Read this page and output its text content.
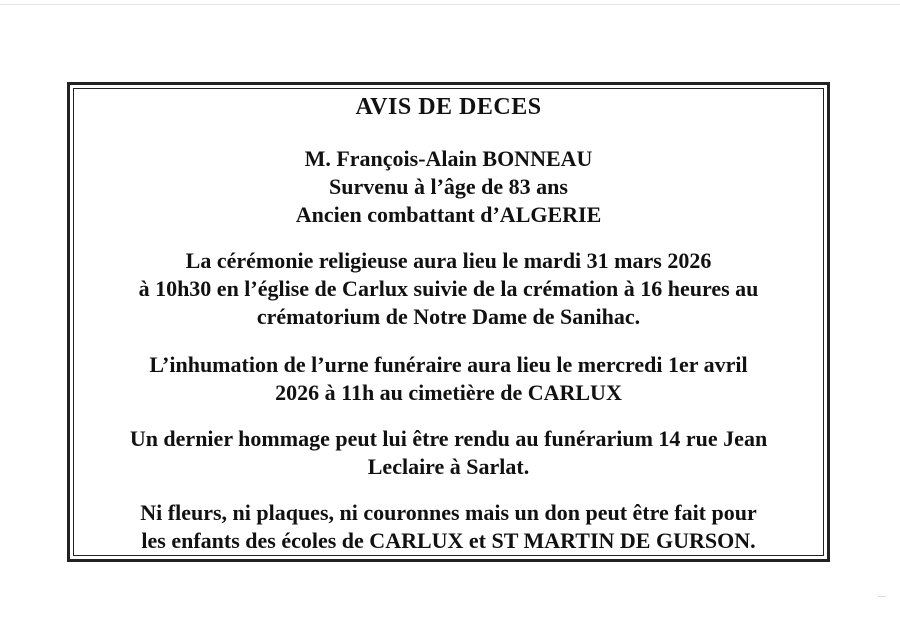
AVIS DE DECES
M. François-Alain BONNEAU
Survenu à l’âge de 83 ans
Ancien combattant d’ALGERIE
La cérémonie religieuse aura lieu le mardi 31 mars 2026
à 10h30 en l’église de Carlux suivie de la crémation à 16 heures au
crématorium de Notre Dame de Sanihac.
L’inhumation de l’urne funéraire aura lieu le mercredi 1er avril
2026 à 11h au cimetière de CARLUX
Un dernier hommage peut lui être rendu au funérarium 14 rue Jean
Leclaire à Sarlat.
Ni fleurs, ni plaques, ni couronnes mais un don peut être fait pour
les enfants des écoles de CARLUX et ST MARTIN DE GURSON.
